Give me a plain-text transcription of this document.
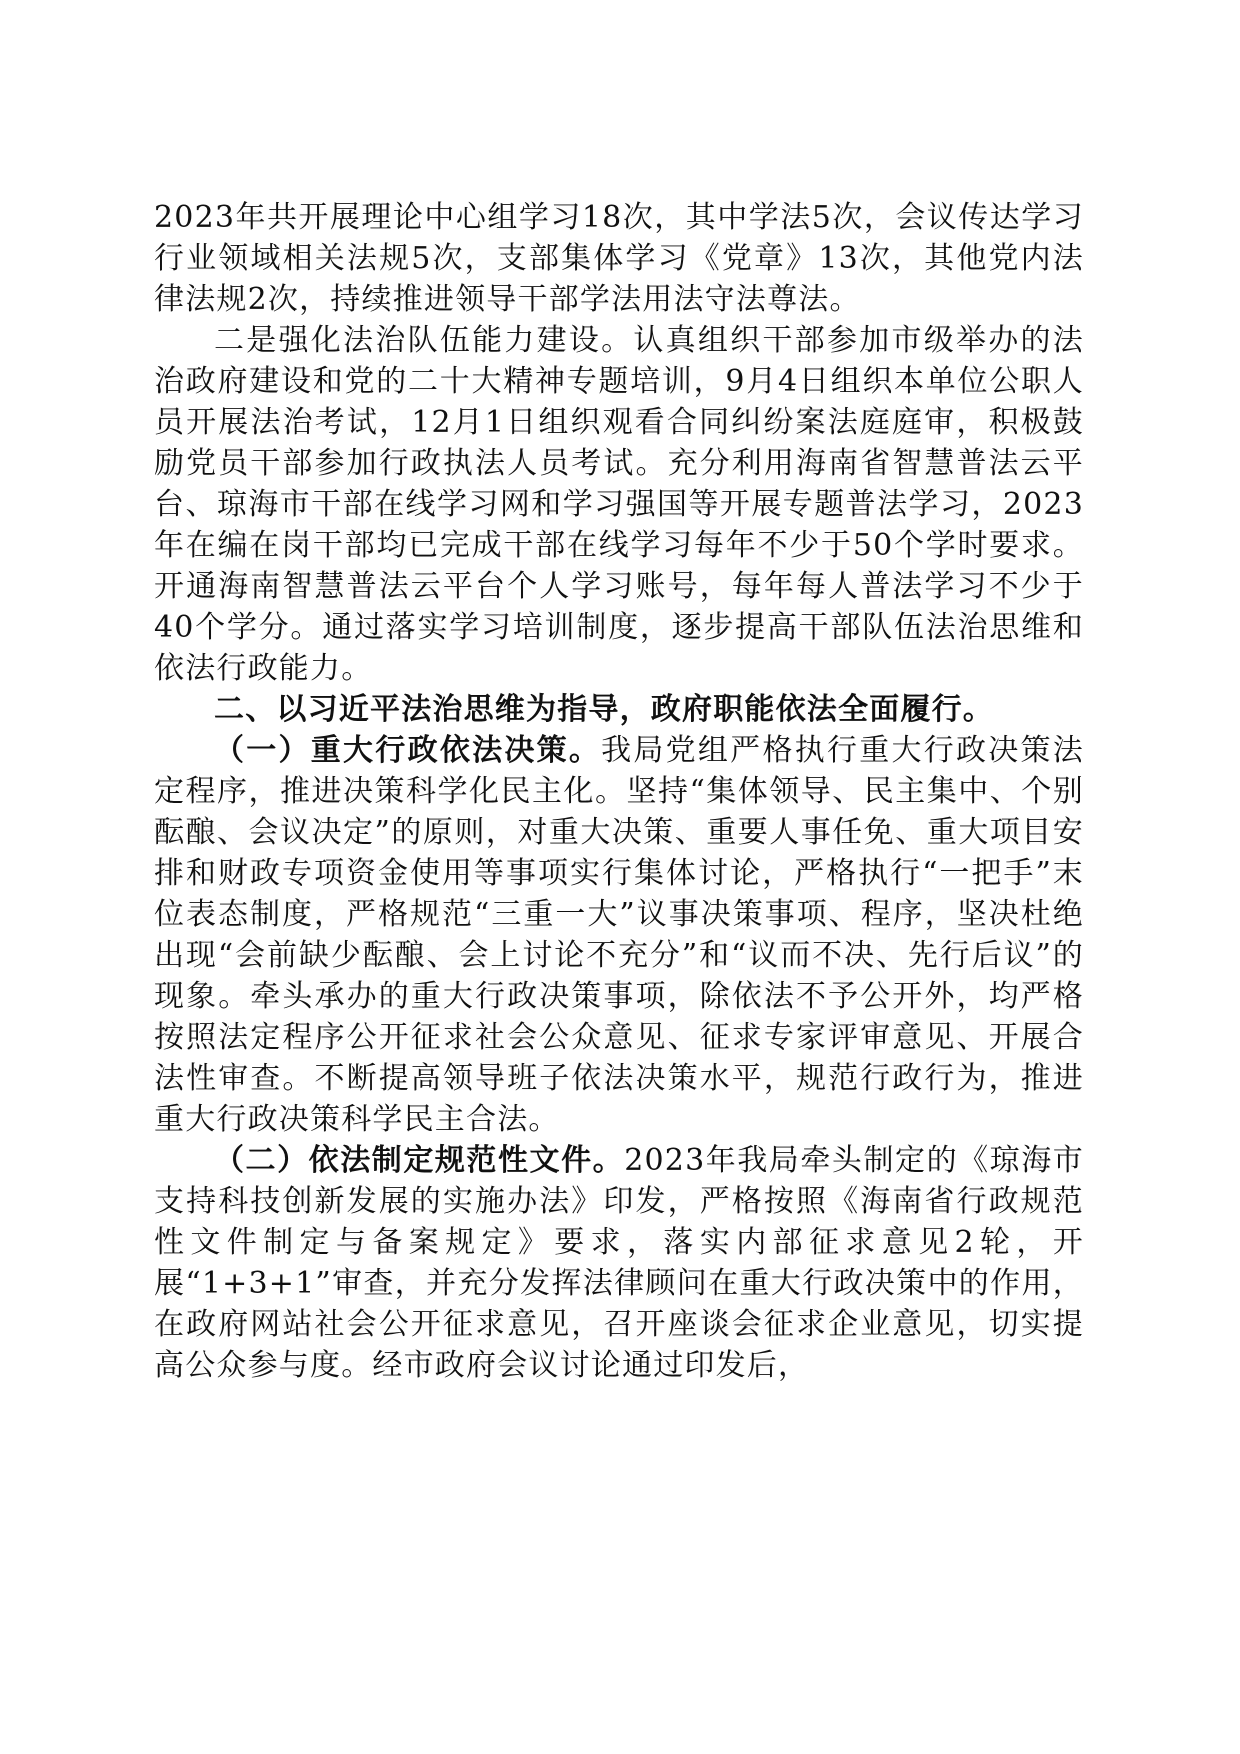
2023年共开展理论中心组学习18次，其中学法5次，会议传达学习行业领域相关法规5次，支部集体学习《党章》13次，其他党内法律法规2次，持续推进领导干部学法用法守法尊法。

二是强化法治队伍能力建设。认真组织干部参加市级举办的法治政府建设和党的二十大精神专题培训，9月4日组织本单位公职人员开展法治考试，12月1日组织观看合同纠纷案法庭庭审，积极鼓励党员干部参加行政执法人员考试。充分利用海南省智慧普法云平台、琼海市干部在线学习网和学习强国等开展专题普法学习，2023年在编在岗干部均已完成干部在线学习每年不少于50个学时要求。开通海南智慧普法云平台个人学习账号，每年每人普法学习不少于40个学分。通过落实学习培训制度，逐步提高干部队伍法治思维和依法行政能力。

二、以习近平法治思维为指导，政府职能依法全面履行。

（一）重大行政依法决策。我局党组严格执行重大行政决策法定程序，推进决策科学化民主化。坚持“集体领导、民主集中、个别酝酿、会议决定”的原则，对重大决策、重要人事任免、重大项目安排和财政专项资金使用等事项实行集体讨论，严格执行“一把手”末位表态制度，严格规范“三重一大”议事决策事项、程序，坚决杜绝出现“会前缺少酝酿、会上讨论不充分”和“议而不决、先行后议”的现象。牵头承办的重大行政决策事项，除依法不予公开外，均严格按照法定程序公开征求社会公众意见、征求专家评审意见、开展合法性审查。不断提高领导班子依法决策水平，规范行政行为，推进重大行政决策科学民主合法。

（二）依法制定规范性文件。2023年我局牵头制定的《琼海市支持科技创新发展的实施办法》印发，严格按照《海南省行政规范性文件制定与备案规定》要求，落实内部征求意见2轮，开展“1+3+1”审查，并充分发挥法律顾问在重大行政决策中的作用，在政府网站社会公开征求意见，召开座谈会征求企业意见，切实提高公众参与度。经市政府会议讨论通过印发后，
